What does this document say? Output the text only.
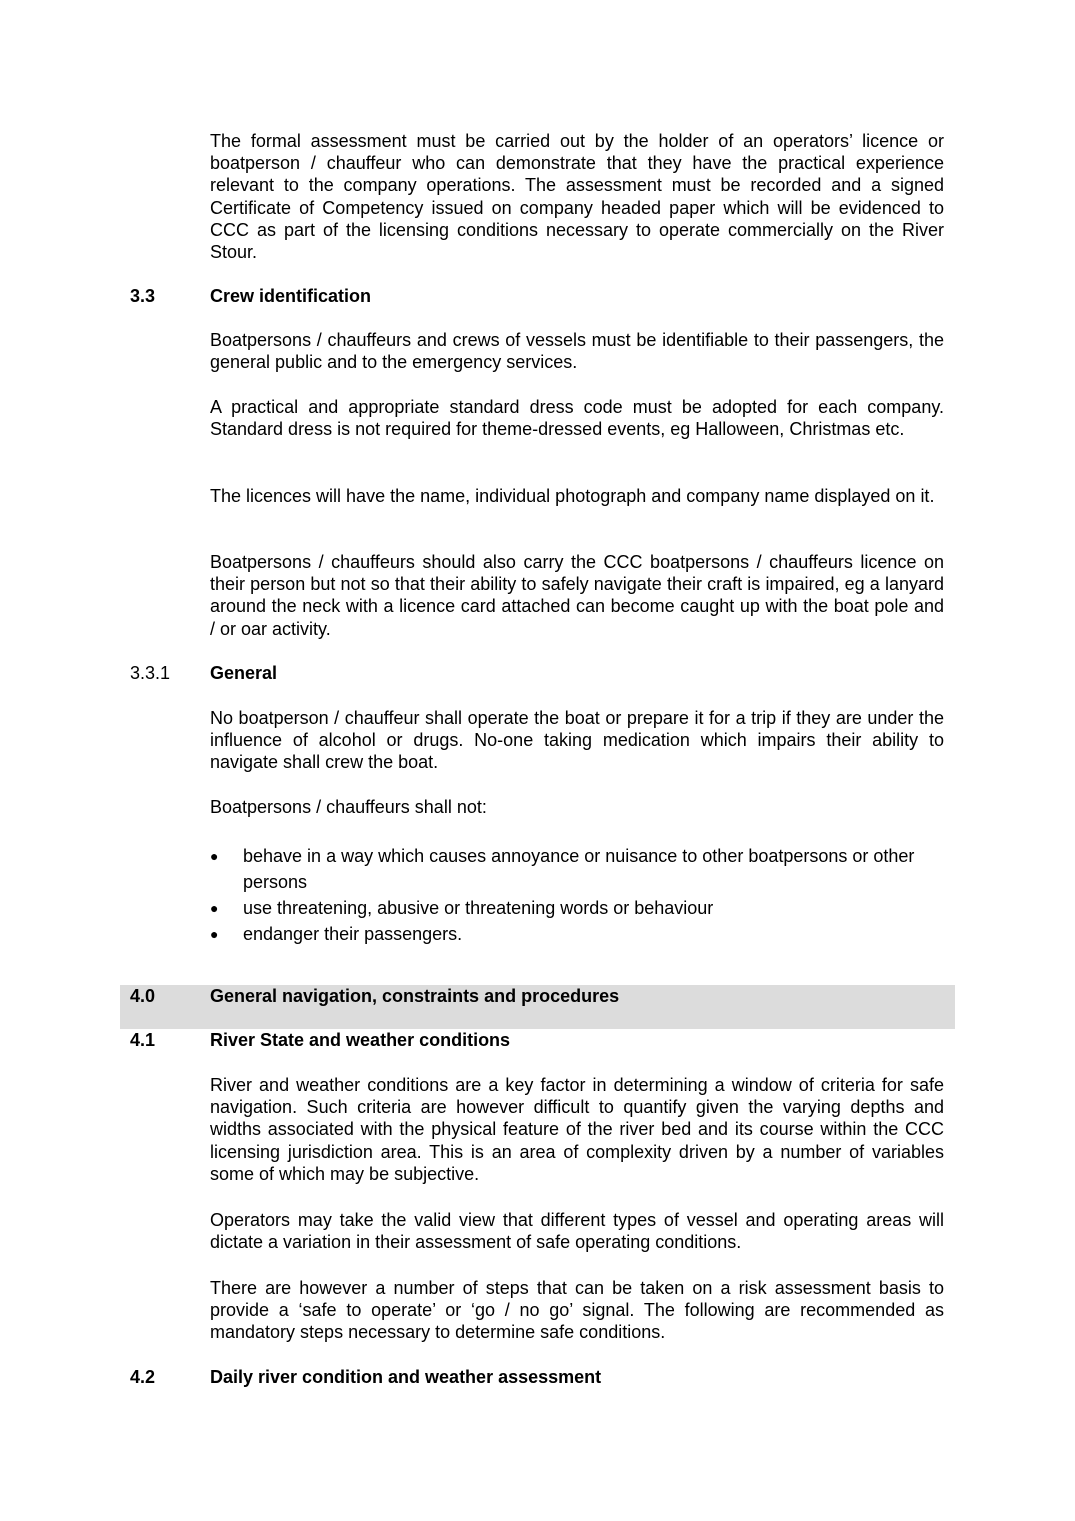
The formal assessment must be carried out by the holder of an operators’ licence or boatperson / chauffeur who can demonstrate that they have the practical experience relevant to the company operations. The assessment must be recorded and a signed Certificate of Competency issued on company headed paper which will be evidenced to CCC as part of the licensing conditions necessary to operate commercially on the River Stour.

3.3	Crew identification

Boatpersons / chauffeurs and crews of vessels must be identifiable to their passengers, the general public and to the emergency services.

A practical and appropriate standard dress code must be adopted for each company. Standard dress is not required for theme-dressed events, eg Halloween, Christmas etc.

The licences will have the name, individual photograph and company name displayed on it.

Boatpersons / chauffeurs should also carry the CCC boatpersons / chauffeurs licence on their person but not so that their ability to safely navigate their craft is impaired, eg a lanyard around the neck with a licence card attached can become caught up with the boat pole and / or oar activity.

3.3.1 General

No boatperson / chauffeur shall operate the boat or prepare it for a trip if they are under the influence of alcohol or drugs. No-one taking medication which impairs their ability to navigate shall crew the boat.

Boatpersons / chauffeurs shall not:

● behave in a way which causes annoyance or nuisance to other boatpersons or other persons
● use threatening, abusive or threatening words or behaviour
● endanger their passengers.
4.0	General navigation, constraints and procedures
4.1	River State and weather conditions

River and weather conditions are a key factor in determining a window of criteria for safe navigation. Such criteria are however difficult to quantify given the varying depths and widths associated with the physical feature of the river bed and its course within the CCC licensing jurisdiction area. This is an area of complexity driven by a number of variables some of which may be subjective.

Operators may take the valid view that different types of vessel and operating areas will dictate a variation in their assessment of safe operating conditions.

There are however a number of steps that can be taken on a risk assessment basis to provide a ‘safe to operate’ or ‘go / no go’ signal. The following are recommended as mandatory steps necessary to determine safe conditions.

4.2	Daily river condition and weather assessment
